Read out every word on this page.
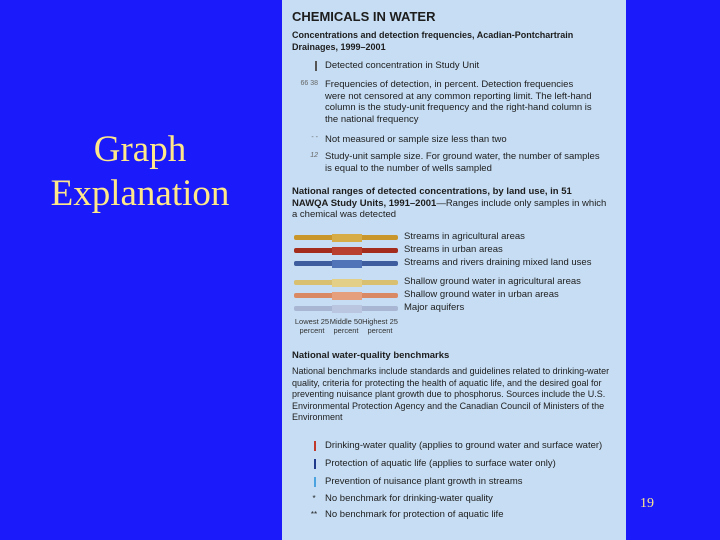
Graph
Explanation
CHEMICALS IN WATER
Concentrations and detection frequencies, Acadian-Pontchartrain Drainages, 1999–2001
Detected concentration in Study Unit
66 38 Frequencies of detection, in percent. Detection frequencies were not censored at any common reporting limit. The left-hand column is the study-unit frequency and the right-hand column is the national frequency
- - Not measured or sample size less than two
12 Study-unit sample size. For ground water, the number of samples is equal to the number of wells sampled
National ranges of detected concentrations, by land use, in 51 NAWQA Study Units, 1991–2001—Ranges include only samples in which a chemical was detected
Streams in agricultural areas
Streams in urban areas
Streams and rivers draining mixed land uses
Shallow ground water in agricultural areas
Shallow ground water in urban areas
Major aquifers
Lowest 25 percent
Middle 50 percent
Highest 25 percent
National water-quality benchmarks
National benchmarks include standards and guidelines related to drinking-water quality, criteria for protecting the health of aquatic life, and the desired goal for preventing nuisance plant growth due to phosphorus. Sources include the U.S. Environmental Protection Agency and the Canadian Council of Ministers of the Environment
Drinking-water quality (applies to ground water and surface water)
Protection of aquatic life (applies to surface water only)
Prevention of nuisance plant growth in streams
* No benchmark for drinking-water quality
** No benchmark for protection of aquatic life
19
